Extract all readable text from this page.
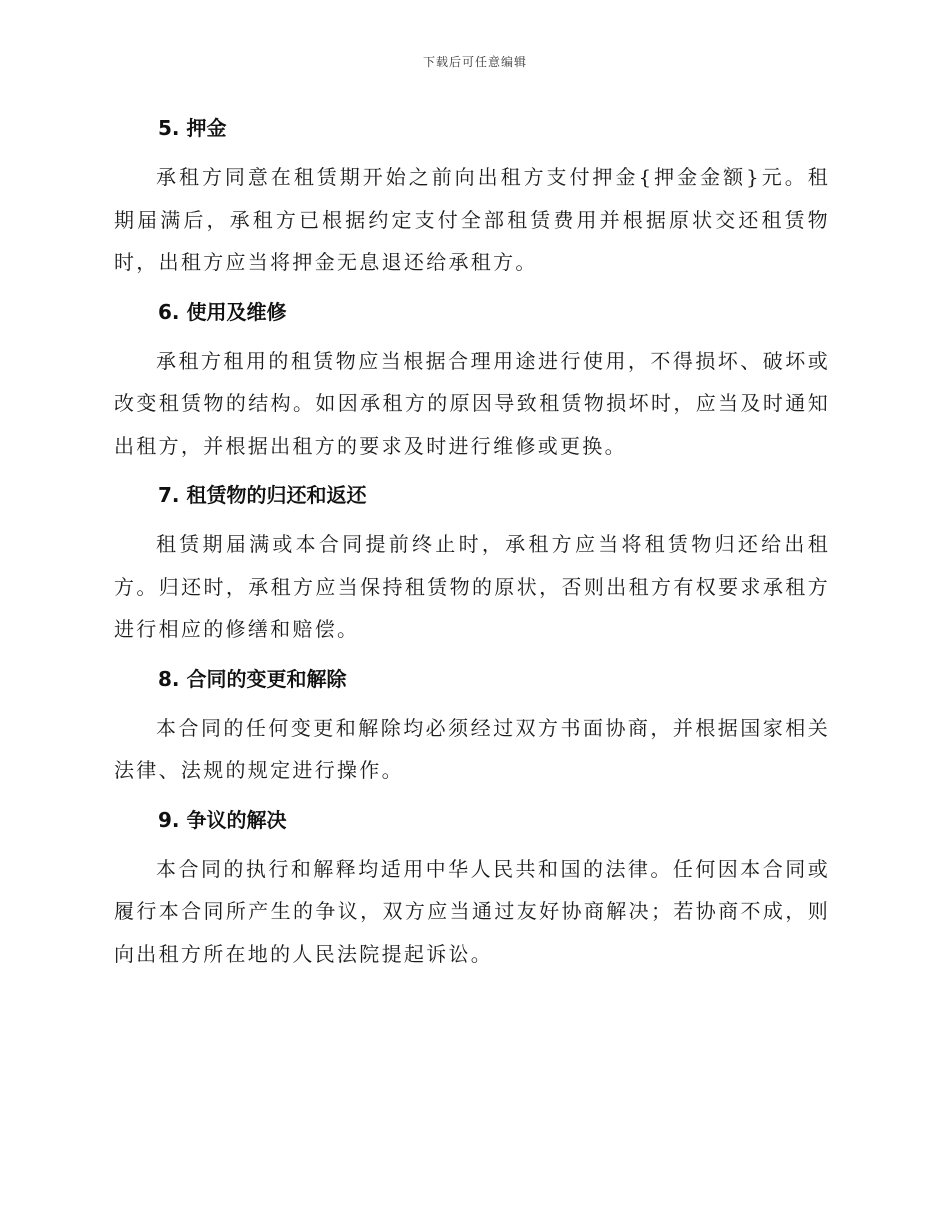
下载后可任意编辑
5. 押金

承租方同意在租赁期开始之前向出租方支付押金{押金金额}元。租期届满后，承租方已根据约定支付全部租赁费用并根据原状交还租赁物时，出租方应当将押金无息退还给承租方。

6. 使用及维修

承租方租用的租赁物应当根据合理用途进行使用，不得损坏、破坏或改变租赁物的结构。如因承租方的原因导致租赁物损坏时，应当及时通知出租方，并根据出租方的要求及时进行维修或更换。

7. 租赁物的归还和返还

租赁期届满或本合同提前终止时，承租方应当将租赁物归还给出租方。归还时，承租方应当保持租赁物的原状，否则出租方有权要求承租方进行相应的修缮和赔偿。

8. 合同的变更和解除

本合同的任何变更和解除均必须经过双方书面协商，并根据国家相关法律、法规的规定进行操作。

9. 争议的解决

本合同的执行和解释均适用中华人民共和国的法律。任何因本合同或履行本合同所产生的争议，双方应当通过友好协商解决；若协商不成，则向出租方所在地的人民法院提起诉讼。
